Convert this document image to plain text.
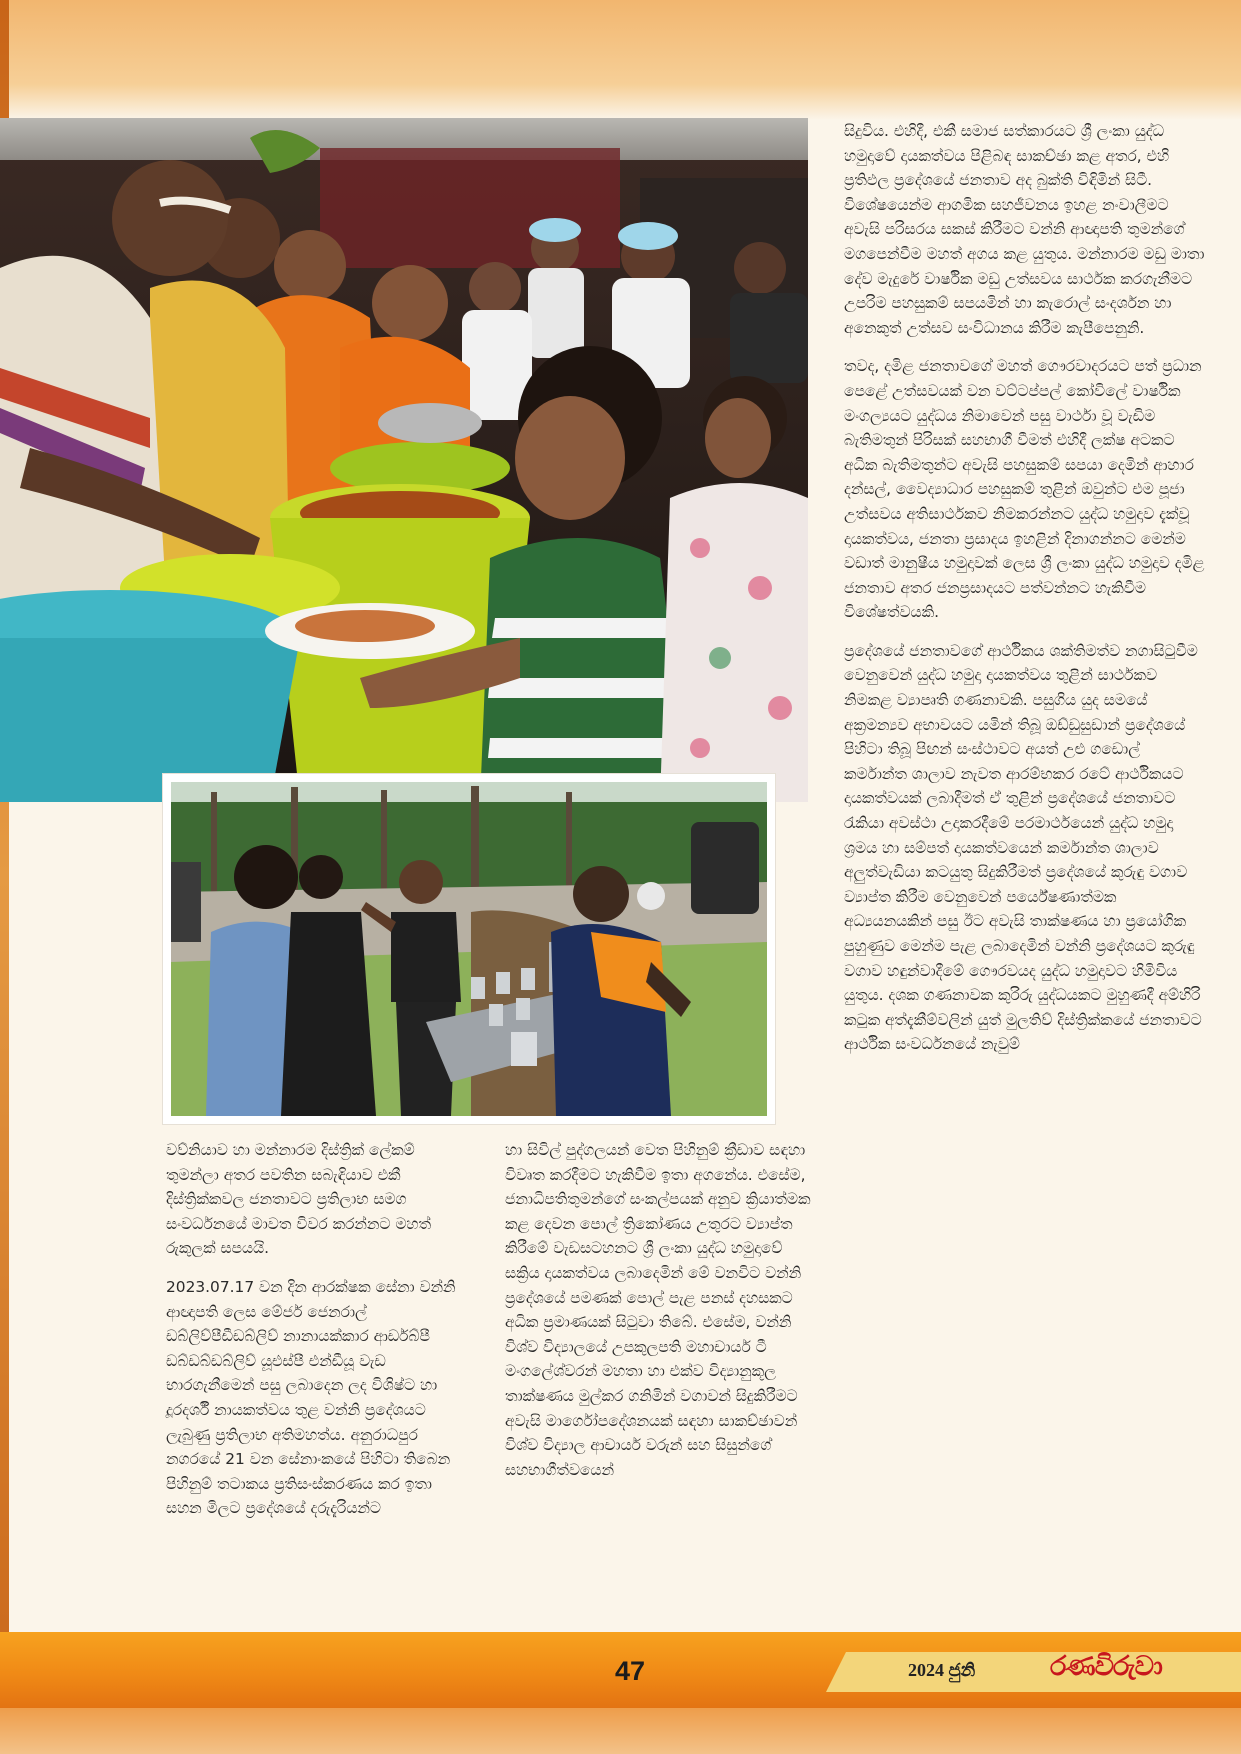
සිදුවිය. එහිදී, එකී සමාජ සත්කාරයට ශ්‍රී ලංකා යුද්ධ හමුදාවේ දායකත්වය පිළිබඳ සාකච්ඡා කළ අතර, එහි ප්‍රතිඵල ප්‍රදේශයේ ජනතාව අද බුක්ති විඳිමින් සිටී. විශේෂයෙන්ම ආගමික සහජීවනය ඉහළ නංවාලීමට අවැසි පරිසරය සකස් කිරීමට වන්නි ආඥාපති තුමන්ගේ මගපෙන්වීම මහත් අගය කළ යුතුය. මන්නාරම මඩු මාතා දේව මැදුරේ වාර්ෂික මඩු උත්සවය සාර්ථක කරගැනීමට උපරිම පහසුකම් සපයමින් හා කැරොල් සංදර්ශන හා අනෙකුත් උත්සව සංවිධානය කිරීම කැපීපෙනුනි.

තවද, දමිළ ජනතාවගේ මහත් ගෞරවාදරයට පත් ප්‍රධාන පෙළේ උත්සවයක් වන වට්ටප්පල් කෝවිලේ වාර්ෂික මංගල්‍යයට යුද්ධය නිමාවෙන් පසු වාර්ථා වූ වැඩිම බැතිමතුන් පිරිසක් සහභාගී වීමත් එහිදී ලක්ෂ අටකට අධික බැතිමතුන්ට අවැසි පහසුකම් සපයා දෙමින් ආහාර දන්සල්, වෛද්‍යාධාර පහසුකම් තුළින් ඔවුන්ට එම පූජා උත්සවය අතිසාර්ථකව නිමකරන්නට යුද්ධ හමුදාව දැක්වූ දායකත්වය, ජනතා ප්‍රසාදය ඉහළින් දිනාගන්නට මෙන්ම වඩාත් මානුෂීය හමුදාවක් ලෙස ශ්‍රී ලංකා යුද්ධ හමුදාව දමිළ ජනතාව අතර ජනප්‍රසාදයට පත්වන්නට හැකිවීම විශේෂත්වයකි.

ප්‍රදේශයේ ජනතාවගේ ආර්ථිකය ශක්තිමත්ව නගාසිටුවීම වෙනුවෙන් යුද්ධ හමුදා දායකත්වය තුළින් සාර්ථකව නිමකළ ව්‍යාපෘති ගණනාවකි. පසුගිය යුද සමයේ අක්‍රමන්‍යව අභාවයට යමින් තිබූ ඔඩ්ඩුසුඩාන් ප්‍රදේශයේ පිහිටා තිබූ පිඟන් සංස්ථාවට අයත් උළු ගඩොල් කර්මාන්ත ශාලාව නැවත ආරම්භකර රටේ ආර්ථිකයට දායකත්වයක් ලබාදීමත් ඒ තුළින් ප්‍රදේශයේ ජනතාවට රැකියා අවස්ථා උදාකරදීමේ පරමාර්ථයෙන් යුද්ධ හමුදා ශ්‍රමය හා සම්පත් දායකත්වයෙන් කර්මාන්ත ශාලාව අලුත්වැඩියා කටයුතු සිදුකිරීමත් ප්‍රදේශයේ කුරුඳු වගාව ව්‍යාප්ත කිරීම වෙනුවෙන් පර්යේෂණාත්මක අධ්‍යයනයකින් පසු ඊට අවැසි තාක්ෂණය හා ප්‍රයෝගික පුහුණුව මෙන්ම පැළ ලබාදෙමින් වන්නි ප්‍රදේශයට කුරුඳු වගාව හඳුන්වාදීමේ ගෞරවයද යුද්ධ හමුදාවට හිමිවිය යුතුය. දශක ගණනාවක කුරිරු යුද්ධයකට මුහුණදී අම්හිරි කටුක අත්දැකීම්වලින් යුත් මුලතිව් දිස්ත්‍රික්කයේ ජනතාවට ආර්ථික සංවර්ධනයේ නැවුම්

වව්නියාව හා මන්නාරම දිස්ත්‍රික් ලේකම් තුමන්ලා අතර පවතින සබැඳියාව එකී දිස්ත්‍රික්කවල ජනතාවට ප්‍රතිලාභ සමග සංවර්ධනයේ මාවත විවර කරන්නට මහත් රුකුලක් සපයයි.

2023.07.17 වන දින ආරක්ෂක සේනා වන්නි ආඥාපති ලෙස මේජර් ජෙනරාල් ඩබ්ලිව්පීඩීඩබ්ලිව් නානායක්කාර ආර්ඩබ්පී ඩබ්ඩබ්ඩබ්ලිව් යූඑස්පී එන්ඩීයූ වැඩ භාරගැනීමෙන් පසු ලබාදෙන ලද විශිෂ්ට හා දූරදර්ශී නායකත්වය තුළ වන්නි ප්‍රදේශයට ලැබුණු ප්‍රතිලාභ අතිමහත්ය. අනුරාධපුර නගරයේ 21 වන සේනාංකයේ පිහිටා තිබෙන පිහිනුම් තටාකය ප්‍රතිසංස්කරණය කර ඉතා සහන මිලට ප්‍රදේශයේ දරුදැරියන්ට

හා සිවිල් පුද්ගලයන් වෙත පිහිනුම් ක්‍රීඩාව සඳහා විවෘත කරදීමට හැකිවීම ඉතා අගනේය. එසේම, ජනාධිපතිතුමන්ගේ සංකල්පයක් අනුව ක්‍රියාත්මක කළ දෙවන පොල් ත්‍රිකෝණය උතුරට ව්‍යාප්ත කිරීමේ වැඩසටහනට ශ්‍රී ලංකා යුද්ධ හමුදාවේ සක්‍රිය දායකත්වය ලබාදෙමින් මේ වනවිට වන්නි ප්‍රදේශයේ පමණක් පොල් පැළ පනස් දහසකට අධික ප්‍රමාණයක් සිටුවා තිබේ. එසේම, වන්නි විශ්ව විද්‍යාලයේ උපකුලපති මහාචාර්ය ටී මංගලේශ්වරන් මහතා හා එක්ව විද්‍යානුකූල තාක්ෂණය මුල්කර ගනිමින් වගාවන් සිදුකිරීමට අවැසි මාර්ගෝපදේශනයක් සඳහා සාකච්ඡාවන් විශ්ව විද්‍යාල ආචාර්ය වරුන් සහ සිසුන්ගේ සහභාගීත්වයෙන්

47	2024 ජුනි	රණවිරුවා
